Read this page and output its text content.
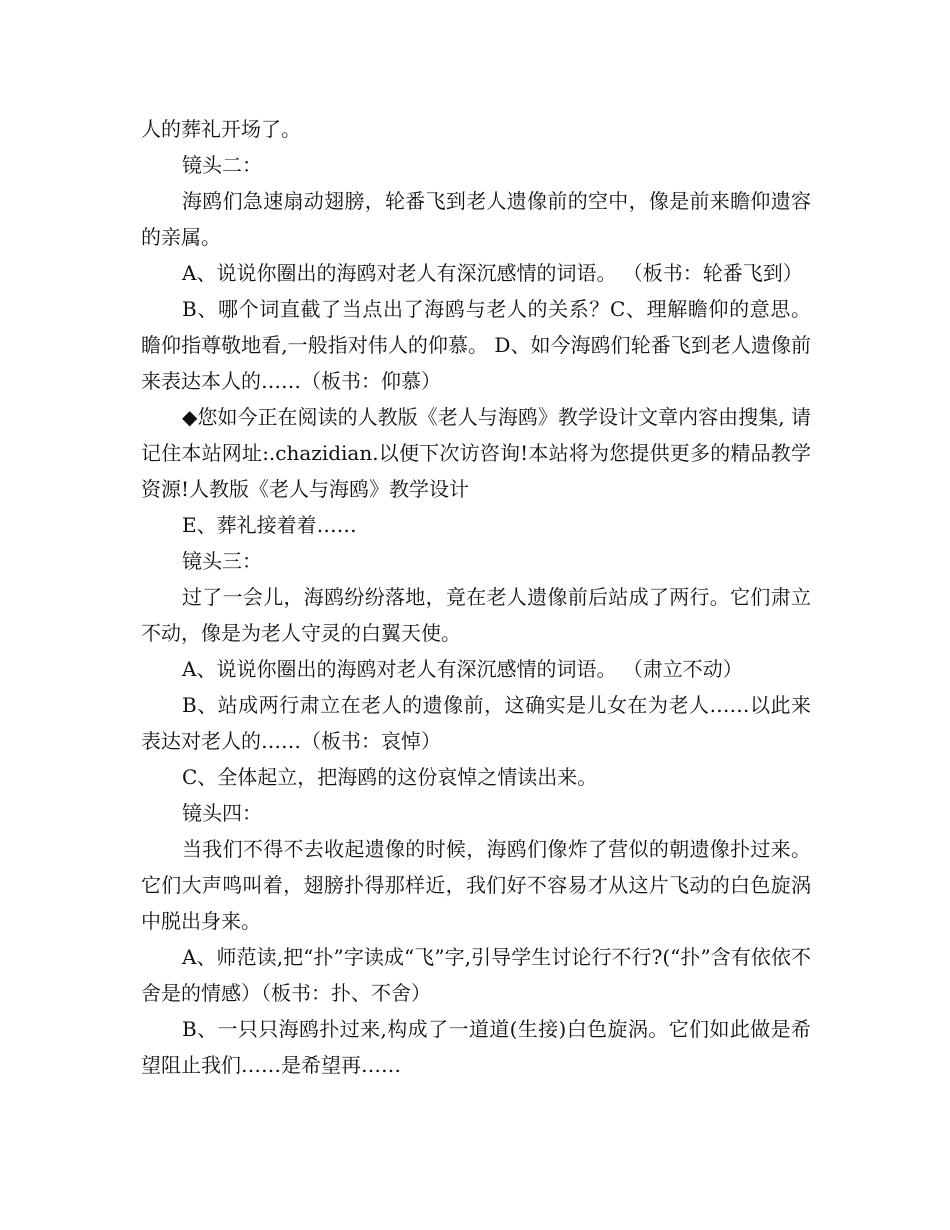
人的葬礼开场了。

镜头二：

海鸥们急速扇动翅膀，轮番飞到老人遗像前的空中，像是前来瞻仰遗容的亲属。

A、说说你圈出的海鸥对老人有深沉感情的词语。 （板书：轮番飞到）

B、哪个词直截了当点出了海鸥与老人的关系？C、理解瞻仰的意思。瞻仰指尊敬地看,一般指对伟人的仰慕。 D、如今海鸥们轮番飞到老人遗像前来表达本人的……（板书：仰慕）

◆您如今正在阅读的人教版《老人与海鸥》教学设计文章内容由搜集, 请记住本站网址:.chazidian.以便下次访咨询!本站将为您提供更多的精品教学资源!人教版《老人与海鸥》教学设计

E、葬礼接着着……

镜头三：

过了一会儿，海鸥纷纷落地，竟在老人遗像前后站成了两行。它们肃立不动，像是为老人守灵的白翼天使。

A、说说你圈出的海鸥对老人有深沉感情的词语。 （肃立不动）

B、站成两行肃立在老人的遗像前，这确实是儿女在为老人……以此来表达对老人的……（板书：哀悼）

C、全体起立，把海鸥的这份哀悼之情读出来。

镜头四：

当我们不得不去收起遗像的时候，海鸥们像炸了营似的朝遗像扑过来。它们大声鸣叫着，翅膀扑得那样近，我们好不容易才从这片飞动的白色旋涡中脱出身来。

A、师范读,把“扑”字读成“飞”字,引导学生讨论行不行?(“扑”含有依依不舍是的情感）（板书：扑、不舍）

B、一只只海鸥扑过来,构成了一道道(生接)白色旋涡。它们如此做是希望阻止我们……是希望再……
